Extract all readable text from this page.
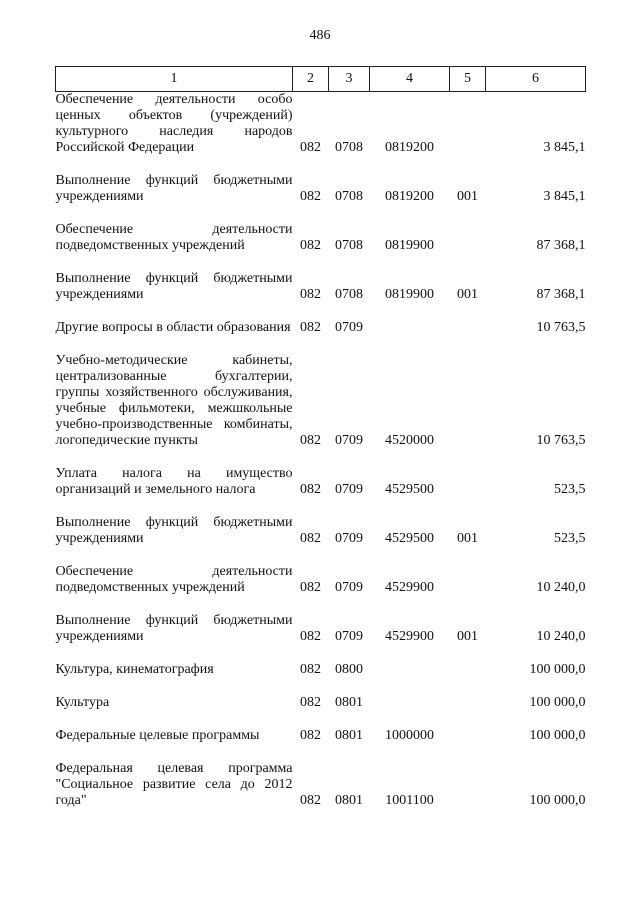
486
1	2	3	4	5	6
Обеспечение деятельности особо ценных объектов (учреждений) культурного наследия народов Российской Федерации	082	0708	0819200		3 845,1

Выполнение функций бюджетными учреждениями	082	0708	0819200	001	3 845,1

Обеспечение деятельности подведомственных учреждений	082	0708	0819900		87 368,1

Выполнение функций бюджетными учреждениями	082	0708	0819900	001	87 368,1

Другие вопросы в области образования	082	0709			10 763,5

Учебно-методические кабинеты, централизованные бухгалтерии, группы хозяйственного обслуживания, учебные фильмотеки, межшкольные учебно-производственные комбинаты, логопедические пункты	082	0709	4520000		10 763,5

Уплата налога на имущество организаций и земельного налога	082	0709	4529500		523,5

Выполнение функций бюджетными учреждениями	082	0709	4529500	001	523,5

Обеспечение деятельности подведомственных учреждений	082	0709	4529900		10 240,0

Выполнение функций бюджетными учреждениями	082	0709	4529900	001	10 240,0

Культура, кинематография	082	0800			100 000,0

Культура	082	0801			100 000,0

Федеральные целевые программы	082	0801	1000000		100 000,0

Федеральная целевая программа "Социальное развитие села до 2012 года"	082	0801	1001100		100 000,0
